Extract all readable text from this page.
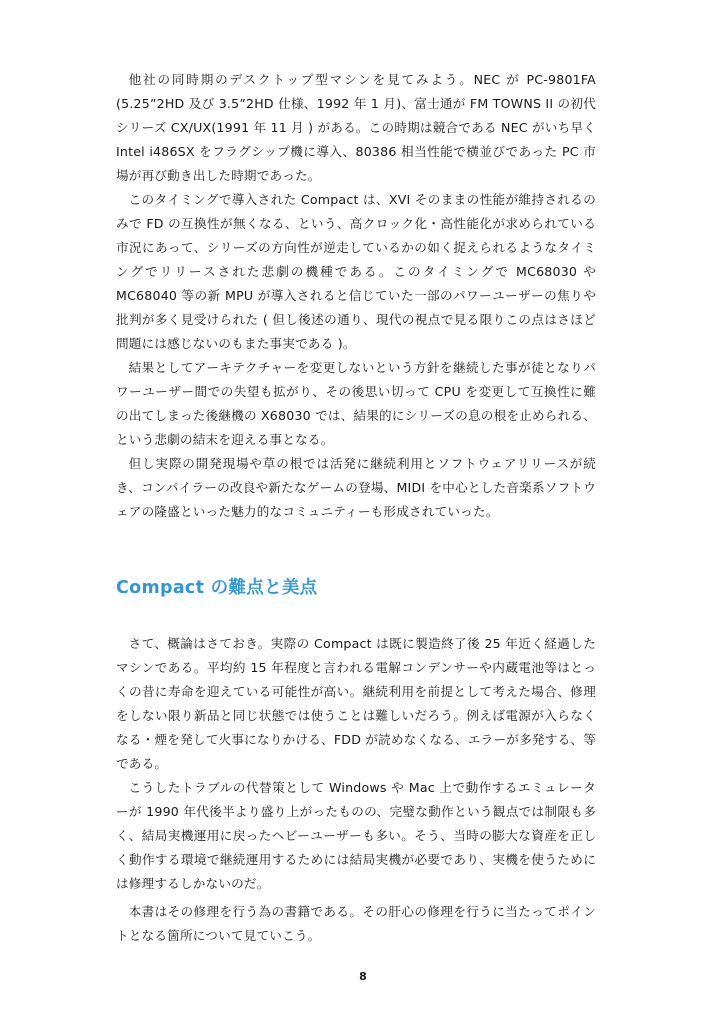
他社の同時期のデスクトップ型マシンを見てみよう。NEC が PC-9801FA (5.25”2HD 及び 3.5”2HD 仕様、1992 年 1 月)、富士通が FM TOWNS II の初代シリーズ CX/UX(1991 年 11 月 ) がある。この時期は競合である NEC がいち早く Intel i486SX をフラグシップ機に導入、80386 相当性能で横並びであった PC 市場が再び動き出した時期であった。

このタイミングで導入された Compact は、XVI そのままの性能が維持されるのみで FD の互換性が無くなる、という、高クロック化・高性能化が求められている市況にあって、シリーズの方向性が逆走しているかの如く捉えられるようなタイミングでリリースされた悲劇の機種である。このタイミングで MC68030 や MC68040 等の新 MPU が導入されると信じていた一部のパワーユーザーの焦りや批判が多く見受けられた ( 但し後述の通り、現代の視点で見る限りこの点はさほど問題には感じないのもまた事実である )。

結果としてアーキテクチャーを変更しないという方針を継続した事が徒となりパワーユーザー間での失望も拡がり、その後思い切って CPU を変更して互換性に難の出てしまった後継機の X68030 では、結果的にシリーズの息の根を止められる、という悲劇の結末を迎える事となる。

但し実際の開発現場や草の根では活発に継続利用とソフトウェアリリースが続き、コンパイラーの改良や新たなゲームの登場、MIDI を中心とした音楽系ソフトウェアの隆盛といった魅力的なコミュニティーも形成されていった。

Compact の難点と美点

さて、概論はさておき。実際の Compact は既に製造終了後 25 年近く経過したマシンである。平均約 15 年程度と言われる電解コンデンサーや内蔵電池等はとっくの昔に寿命を迎えている可能性が高い。継続利用を前提として考えた場合、修理をしない限り新品と同じ状態では使うことは難しいだろう。例えば電源が入らなくなる・煙を発して火事になりかける、FDD が読めなくなる、エラーが多発する、等である。

こうしたトラブルの代替策として Windows や Mac 上で動作するエミュレーターが 1990 年代後半より盛り上がったものの、完璧な動作という観点では制限も多く、結局実機運用に戻ったヘビーユーザーも多い。そう、当時の膨大な資産を正しく動作する環境で継続運用するためには結局実機が必要であり、実機を使うためには修理するしかないのだ。

本書はその修理を行う為の書籍である。その肝心の修理を行うに当たってポイントとなる箇所について見ていこう。

8
